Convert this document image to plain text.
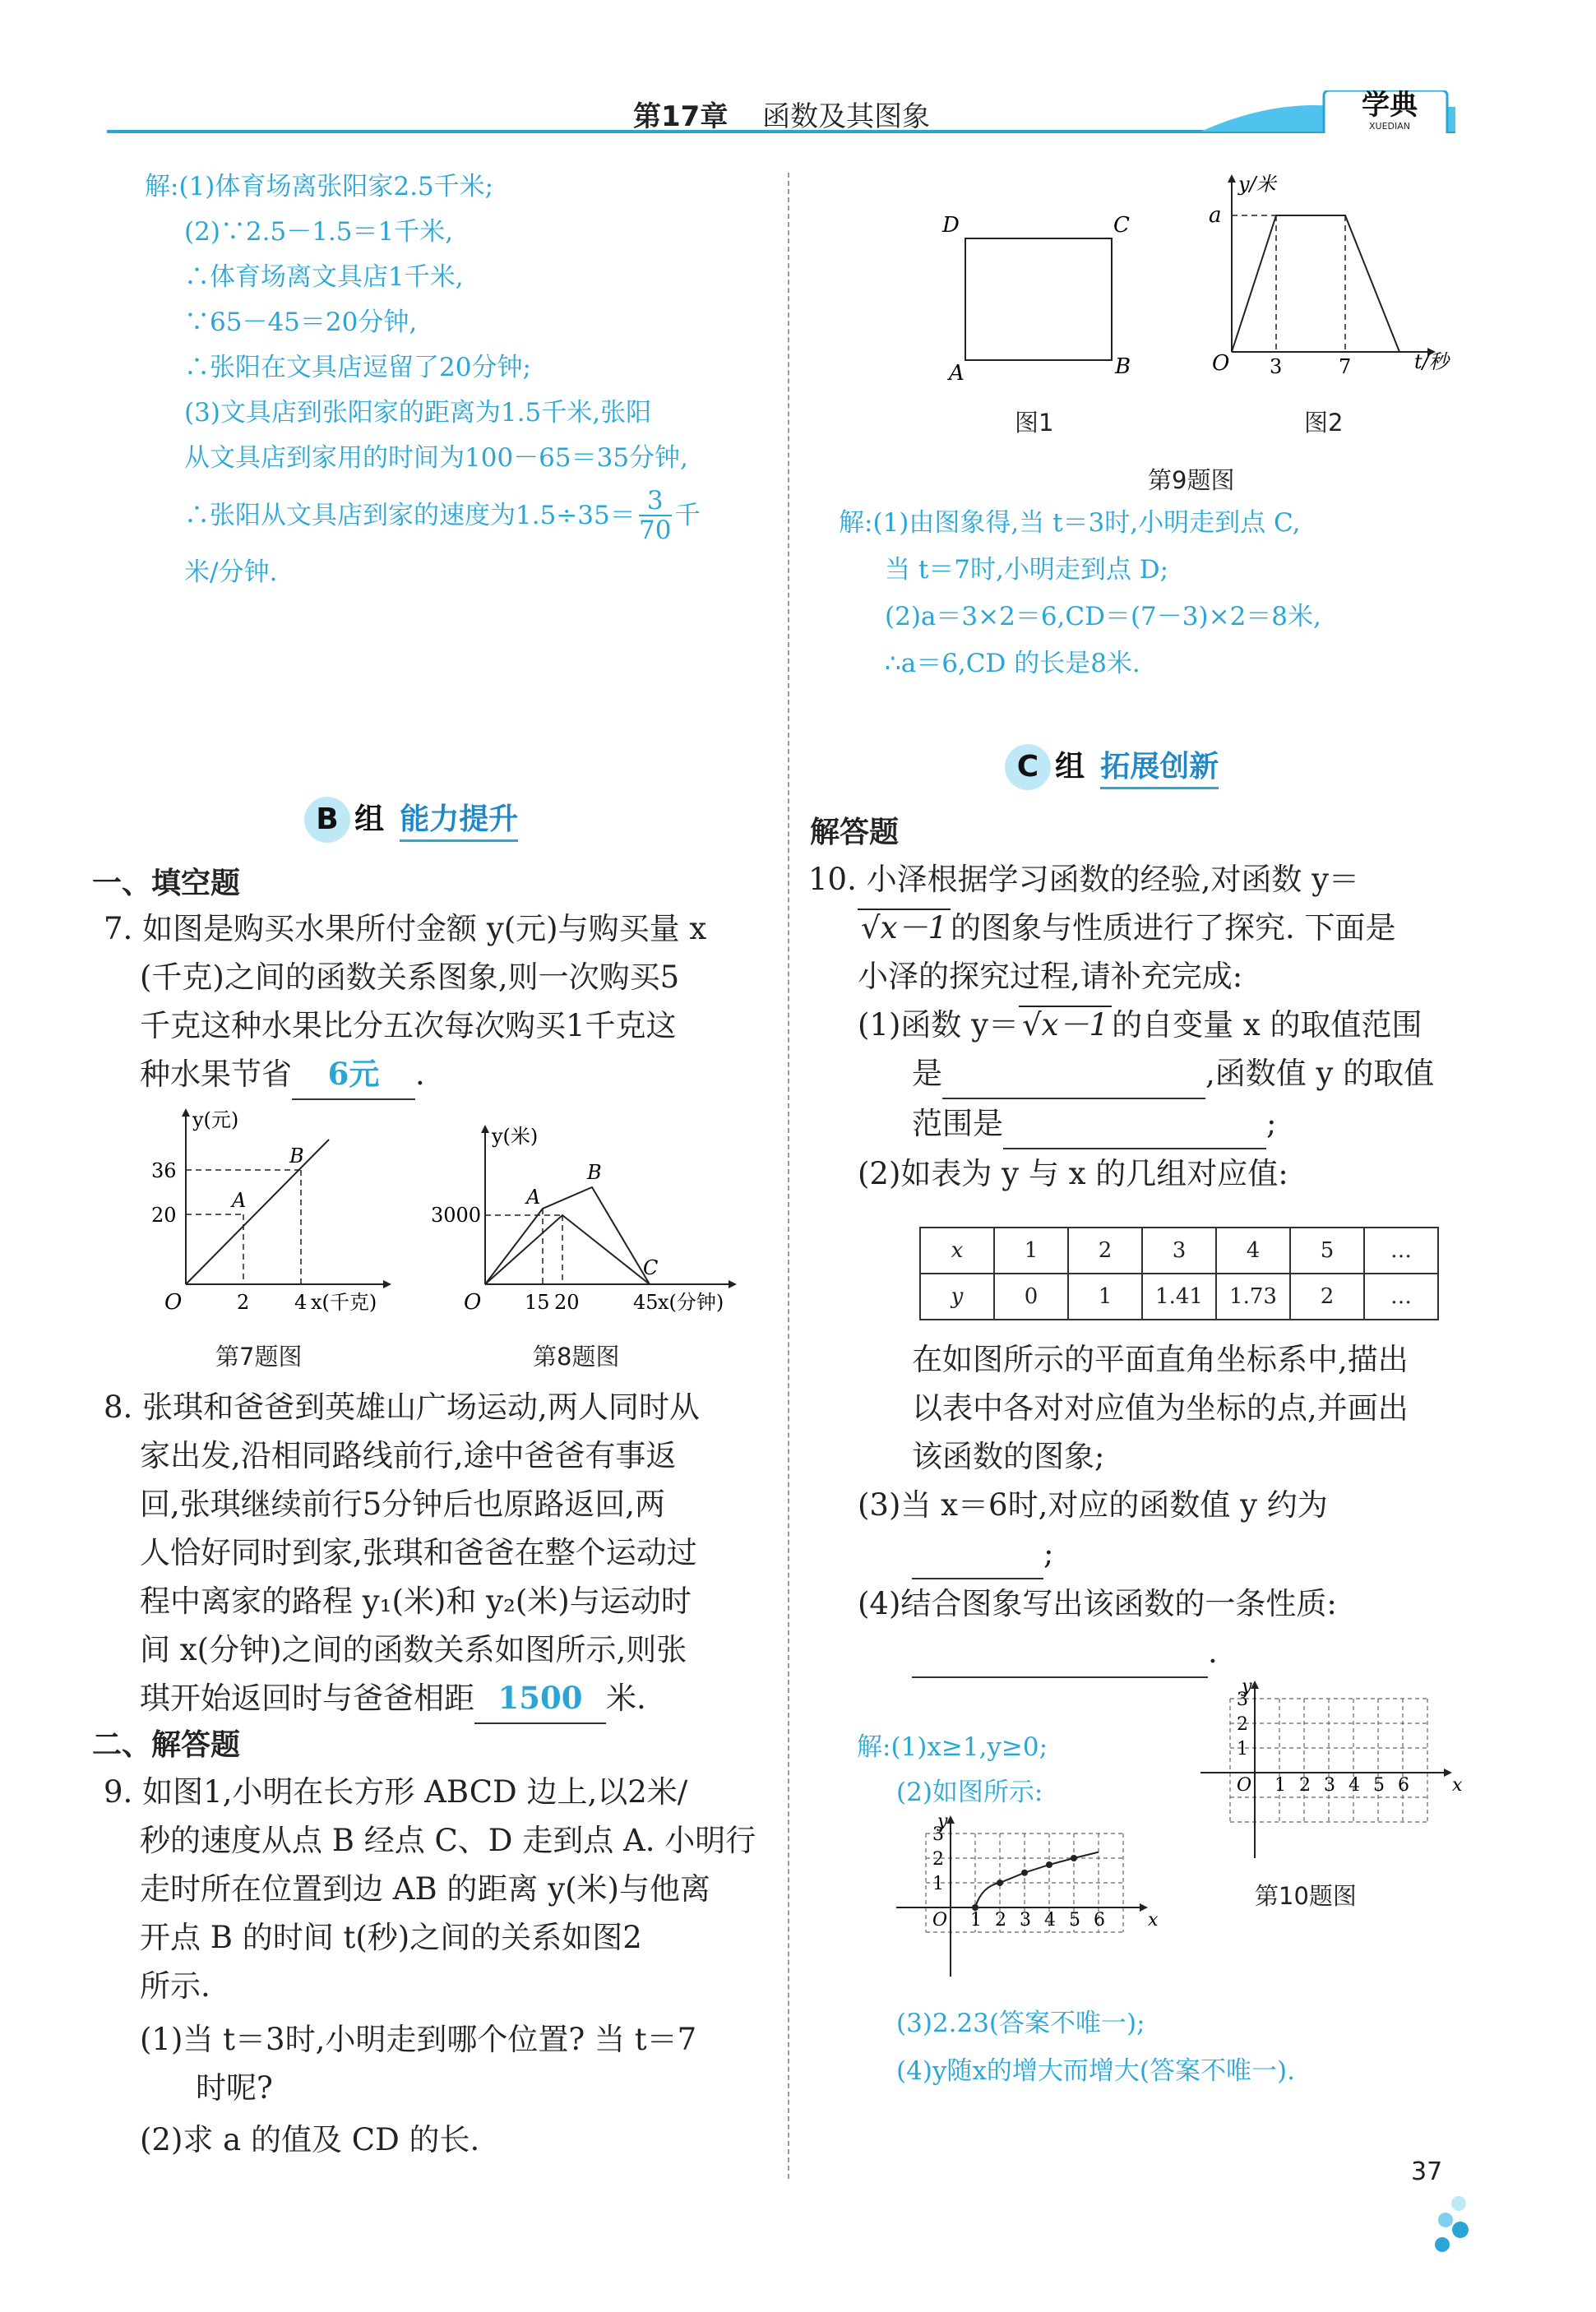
第17章 函数及其图象	学典
XUEDIAN
解:(1)体育场离张阳家2.5千米;
(2)∵2.5－1.5＝1千米,
∴体育场离文具店1千米,
∵65－45＝20分钟,
∴张阳在文具店逗留了20分钟;
(3)文具店到张阳家的距离为1.5千米,张阳
从文具店到家用的时间为100－65＝35分钟,
∴张阳从文具店到家的速度为1.5÷35＝ 3
70
千
米/分钟.
B 组 能力提升
一、填空题
7. 如图是购买水果所付金额 y(元)与购买量 x
(千克)之间的函数关系图象,则一次购买5
千克这种水果比分五次每次购买1千克这
种水果节省 6元 .
y(元)
36
20
O	2 4 x(千克)
A
B
第7题图
y(米)
3000
O 15 20	45 x(分钟)
A
B
C
第8题图
8. 张琪和爸爸到英雄山广场运动,两人同时从
家出发,沿相同路线前行,途中爸爸有事返
回,张琪继续前行5分钟后也原路返回,两
人恰好同时到家,张琪和爸爸在整个运动过
程中离家的路程 y₁(米)和 y₂(米)与运动时
间 x(分钟)之间的函数关系如图所示,则张
琪开始返回时与爸爸相距 1500 米.
二、解答题
9. 如图1,小明在长方形 ABCD 边上,以2米/
秒的速度从点 B 经点 C、D 走到点 A. 小明行
走时所在位置到边 AB 的距离 y(米)与他离
开点 B 的时间 t(秒)之间的关系如图2
所示.
(1)当 t＝3时,小明走到哪个位置? 当 t＝7
时呢?
(2)求 a 的值及 CD 的长.
D	C
A	B
图1
y/米
a
O 3	7	t/秒
图2
第9题图
解:(1)由图象得,当 t＝3时,小明走到点 C,
当 t＝7时,小明走到点 D;
(2)a＝3×2＝6,CD＝(7－3)×2＝8米,
∴a＝6,CD 的长是8米.
C 组 拓展创新
解答题
10. 小泽根据学习函数的经验,对函数 y＝
√x－1 的图象与性质进行了探究. 下面是
小泽的探究过程,请补充完成:
(1)函数 y＝ √x－1 的自变量 x 的取值范围
是	,函数值 y 的取值
范围是	;
(2)如表为 y 与 x 的几组对应值:
x	1	2	3	4	5	…
y	0	1	1.41	1.73	2	…
在如图所示的平面直角坐标系中,描出
以表中各对对应值为坐标的点,并画出
该函数的图象;
(3)当 x＝6时,对应的函数值 y 约为
;
(4)结合图象写出该函数的一条性质:
.
y
x
O 1 2 3 4 5 6
1
2
3
第10题图
解:(1)x≥1,y≥0;
(2)如图所示:
y
x
O 1 2 3 4 5 6
1
2
3
(3)2.23(答案不唯一);
(4)y随x的增大而增大(答案不唯一).
37
